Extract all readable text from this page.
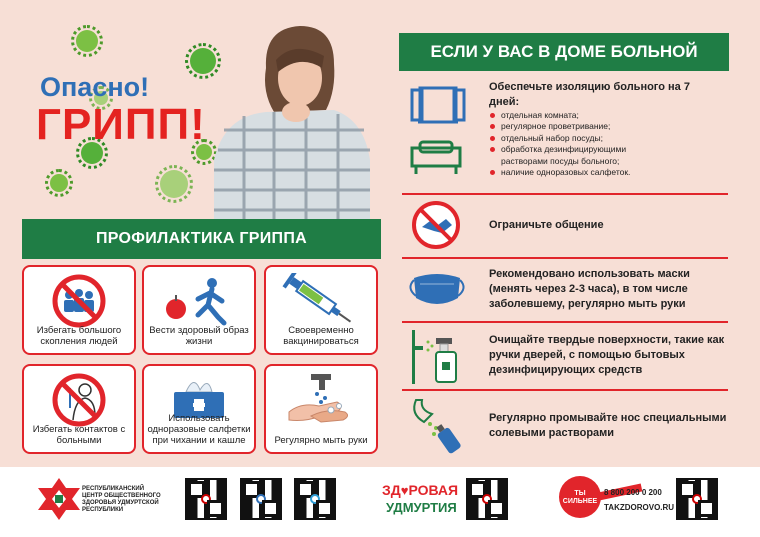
Опасно!
ГРИПП!
ПРОФИЛАКТИКА ГРИППА
Избегать большого скопления людей
Вести здоровый образ жизни
Своевременно вакцинироваться
Избегать контактов с больными
Использовать одноразовые салфетки при чихании и кашле	Регулярно мыть руки
ЕСЛИ У ВАС В ДОМЕ БОЛЬНОЙ
Обеспечьте изоляцию больного на 7 дней:
отдельная комната;
регулярное проветривание;
отдельный набор посуды;
обработка дезинфицирующими растворами посуды больного;
наличие одноразовых салфеток.
Ограничьте общение
Рекомендовано использовать маски (менять через 2-3 часа), в том числе заболевшему, регулярно мыть руки
Очищайте твердые поверхности, такие как ручки дверей, с помощью бытовых дезинфицирующих средств
Регулярно промывайте нос специальными солевыми растворами
РЕСПУБЛИКАНСКИЙ ЦЕНТР ОБЩЕСТВЕННОГО ЗДОРОВЬЯ УДМУРТСКОЙ РЕСПУБЛИКИ
ЗД♥РОВАЯ
УДМУРТИЯ
ТЫ СИЛЬНЕЕ
8 800 200 0 200
TAKZDOROVO.RU
